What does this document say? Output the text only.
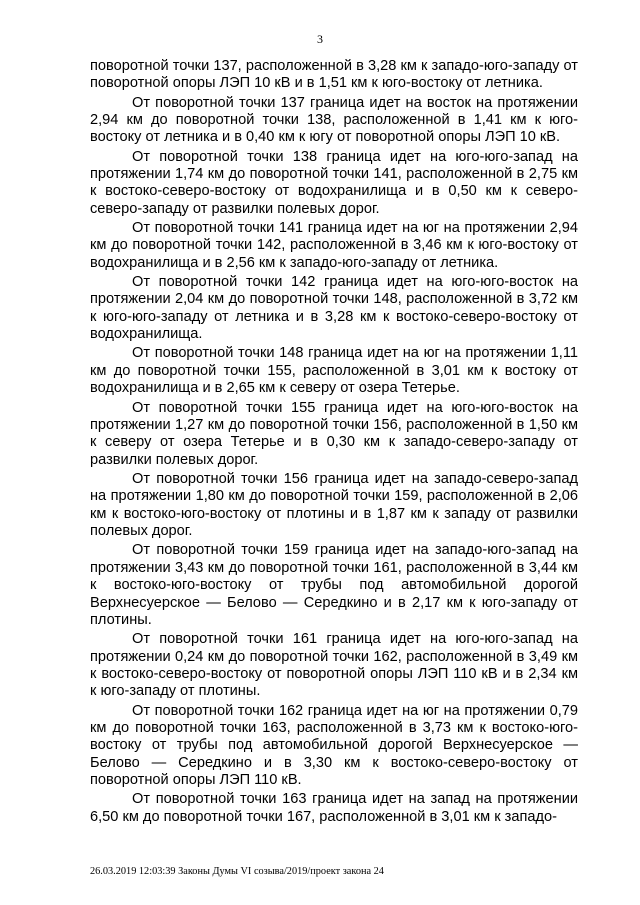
3

поворотной точки 137, расположенной в 3,28 км к западо-юго-западу от поворотной опоры ЛЭП 10 кВ и в 1,51 км к юго-востоку от летника.

От поворотной точки 137 граница идет на восток на протяжении 2,94 км до поворотной точки 138, расположенной в 1,41 км к юго-востоку от летника и в 0,40 км к югу от поворотной опоры ЛЭП 10 кВ.

От поворотной точки 138 граница идет на юго-юго-запад на протяжении 1,74 км до поворотной точки 141, расположенной в 2,75 км к востоко-северо-востоку от водохранилища и в 0,50 км к северо-северо-западу от развилки полевых дорог.

От поворотной точки 141 граница идет на юг на протяжении 2,94 км до поворотной точки 142, расположенной в 3,46 км к юго-востоку от водохранилища и в 2,56 км к западо-юго-западу от летника.

От поворотной точки 142 граница идет на юго-юго-восток на протяжении 2,04 км до поворотной точки 148, расположенной в 3,72 км к юго-юго-западу от летника и в 3,28 км к востоко-северо-востоку от водохранилища.

От поворотной точки 148 граница идет на юг на протяжении 1,11 км до поворотной точки 155, расположенной в 3,01 км к востоку от водохранилища и в 2,65 км к северу от озера Тетерье.

От поворотной точки 155 граница идет на юго-юго-восток на протяжении 1,27 км до поворотной точки 156, расположенной в 1,50 км к северу от озера Тетерье и в 0,30 км к западо-северо-западу от развилки полевых дорог.

От поворотной точки 156 граница идет на западо-северо-запад на протяжении 1,80 км до поворотной точки 159, расположенной в 2,06 км к востоко-юго-востоку от плотины и в 1,87 км к западу от развилки полевых дорог.

От поворотной точки 159 граница идет на западо-юго-запад на протяжении 3,43 км до поворотной точки 161, расположенной в 3,44 км к востоко-юго-востоку от трубы под автомобильной дорогой Верхнесуерское — Белово — Середкино и в 2,17 км к юго-западу от плотины.

От поворотной точки 161 граница идет на юго-юго-запад на протяжении 0,24 км до поворотной точки 162, расположенной в 3,49 км к востоко-северо-востоку от поворотной опоры ЛЭП 110 кВ и в 2,34 км к юго-западу от плотины.

От поворотной точки 162 граница идет на юг на протяжении 0,79 км до поворотной точки 163, расположенной в 3,73 км к востоко-юго-востоку от трубы под автомобильной дорогой Верхнесуерское — Белово — Середкино и в 3,30 км к востоко-северо-востоку от поворотной опоры ЛЭП 110 кВ.

От поворотной точки 163 граница идет на запад на протяжении 6,50 км до поворотной точки 167, расположенной в 3,01 км к западо-

26.03.2019 12:03:39 Законы Думы VI созыва/2019/проект закона 24
